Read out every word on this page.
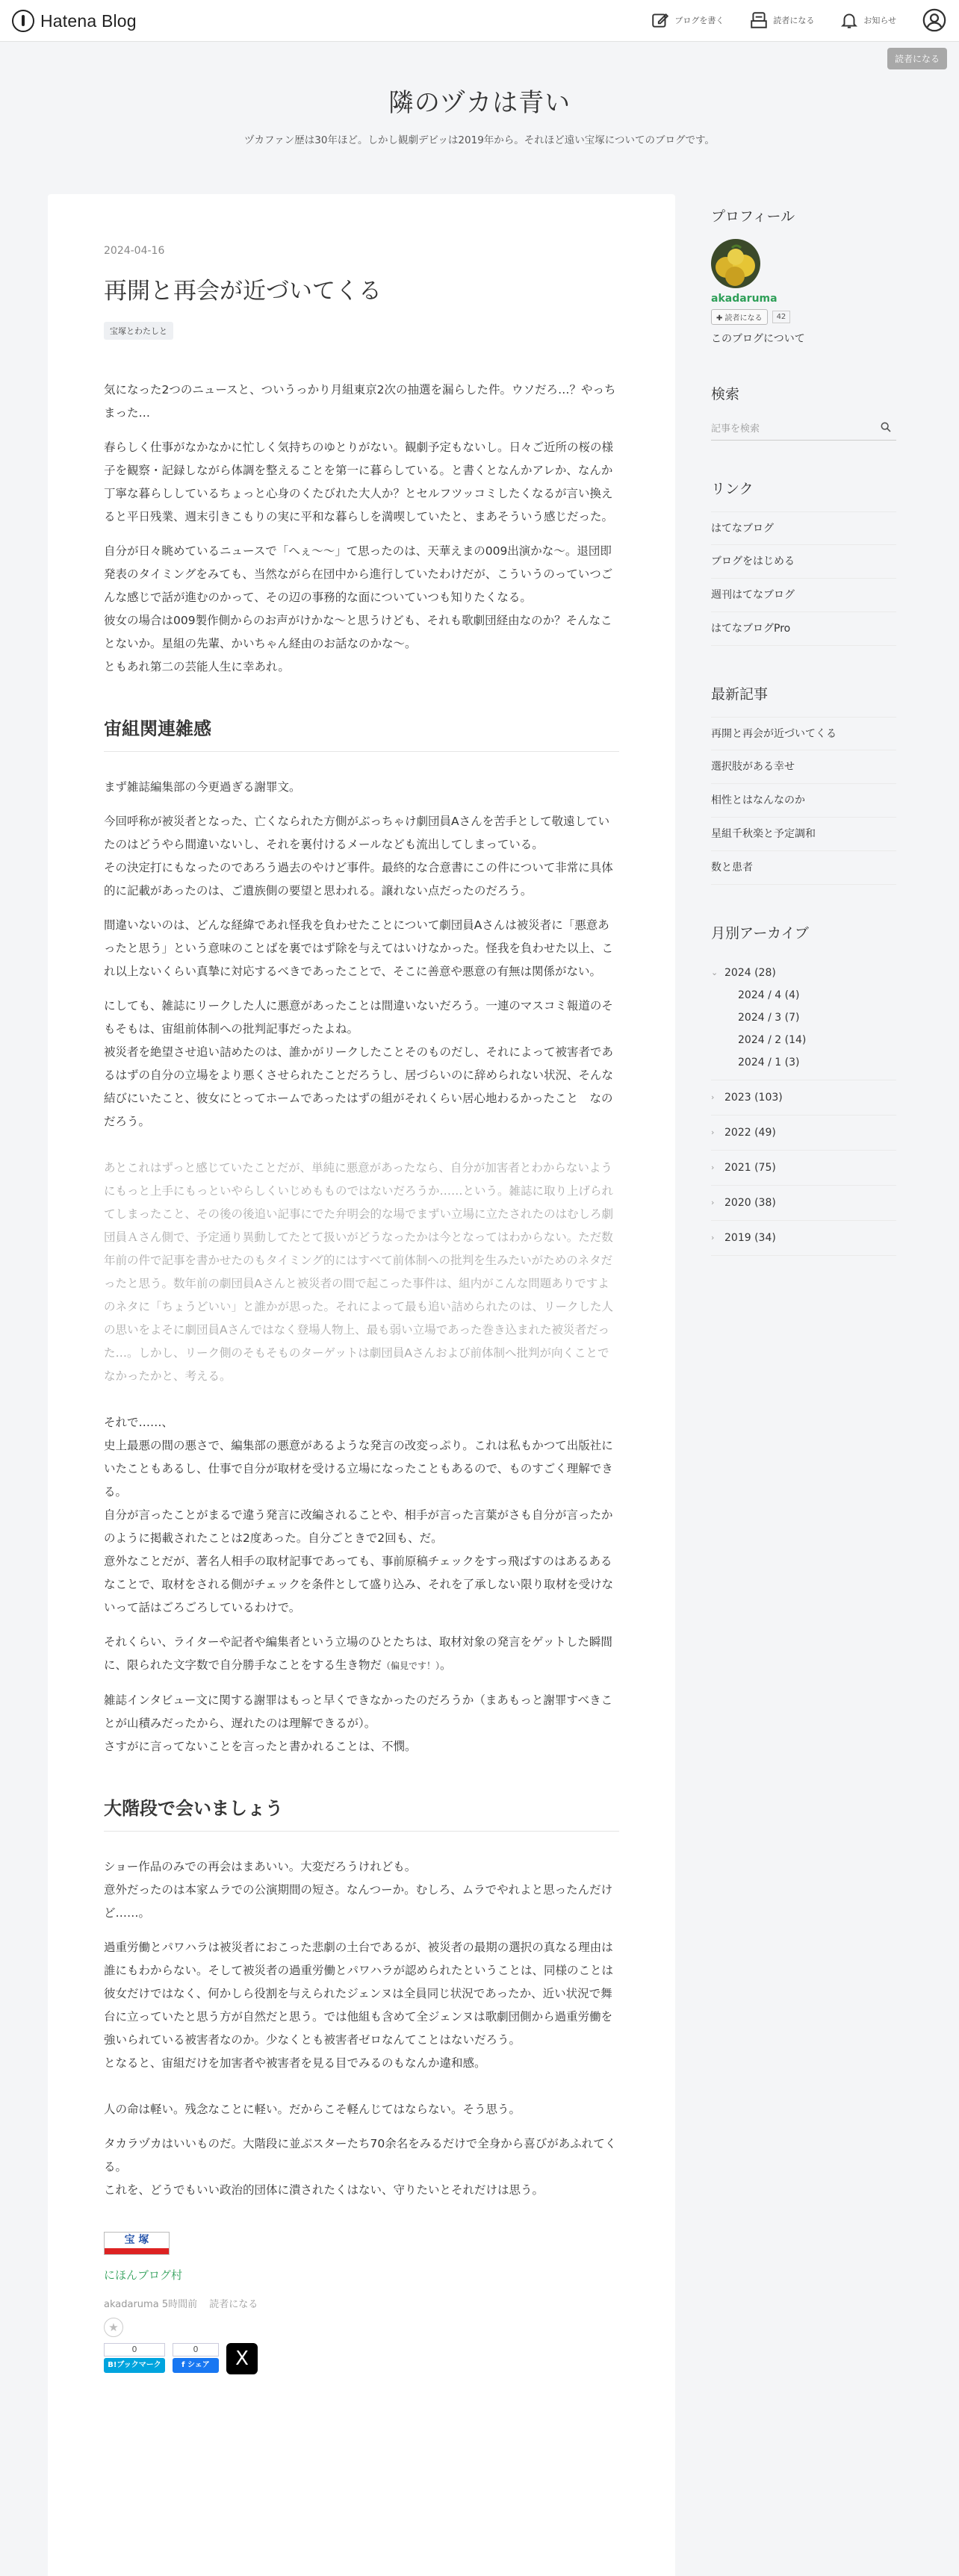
Hatena Blog	ブログを書く	読者になる	お知らせ
読者になる
隣のヅカは青い
ヅカファン歴は30年ほど。しかし観劇デビッは2019年から。それほど遠い宝塚についてのブログです。
2024-04-16
再開と再会が近づいてくる
宝塚とわたしと

気になった2つのニュースと、ついうっかり月組東京2次の抽選を漏らした件。ウソだろ…？やっちまった…

春らしく仕事がなかなかに忙しく気持ちのゆとりがない。観劇予定もないし。日々ご近所の桜の様子を観察・記録しながら体調を整えることを第一に暮らしている。と書くとなんかアレか、なんか丁寧な暮らししているちょっと心身のくたびれた大人か？とセルフツッコミしたくなるが言い換えると平日残業、週末引きこもりの実に平和な暮らしを満喫していたと、まあそういう感じだった。

自分が日々眺めているニュースで「へぇ〜〜」て思ったのは、天華えまの009出演かな〜。退団即発表のタイミングをみても、当然ながら在団中から進行していたわけだが、こういうのっていつごんな感じで話が進むのかって、その辺の事務的な面についていつも知りたくなる。
彼女の場合は009製作側からのお声がけかな〜と思うけども、それも歌劇団経由なのか？そんなことないか。星組の先輩、かいちゃん経由のお話なのかな〜。
ともあれ第二の芸能人生に幸あれ。

宙組関連雑感

まず雑誌編集部の今更過ぎる謝罪文。

今回呼称が被災者となった、亡くなられた方側がぶっちゃけ劇団員Aさんを苦手として敬遠していたのはどうやら間違いないし、それを裏付けるメールなども流出してしまっている。
その決定打にもなったのであろう過去のやけど事件。最終的な合意書にこの件について非常に具体的に記載があったのは、ご遺族側の要望と思われる。譲れない点だったのだろう。

間違いないのは、どんな経緯であれ怪我を負わせたことについて劇団員Aさんは被災者に「悪意あったと思う」という意味のことばを裏ではず除を与えてはいけなかった。怪我を負わせた以上、これ以上ないくらい真摯に対応するべきであったことで、そこに善意や悪意の有無は関係がない。

にしても、雑誌にリークした人に悪意があったことは間違いないだろう。一連のマスコミ報道のそもそもは、宙組前体制への批判記事だったよね。
被災者を絶望させ追い詰めたのは、誰かがリークしたことそのものだし、それによって被害者であるはずの自分の立場をより悪くさせられたことだろうし、居づらいのに辞められない状況、そんな結びにいたこと、彼女にとってホームであったはずの組がそれくらい居心地わるかったこと　なのだろう。

あとこれはずっと感じていたことだが、単純に悪意があったなら、自分が加害者とわからないようにもっと上手にもっといやらしくいじめもものではないだろうか……という。雑誌に取り上げられてしまったこと、その後の後追い記事にでた弁明会的な場でまずい立場に立たされたのはむしろ劇団員Ａさん側で、予定通り異動してたとて扱いがどうなったかは今となってはわからない。ただ数年前の件で記事を書かせたのもタイミング的にはすべて前体制への批判を生みたいがためのネタだったと思う。数年前の劇団員Aさんと被災者の間で起こった事件は、組内がこんな問題ありですよのネタに「ちょうどいい」と誰かが思った。それによって最も追い詰められたのは、リークした人の思いをよそに劇団員Aさんではなく登場人物上、最も弱い立場であった巻き込まれた被災者だった…。しかし、リーク側のそもそものターゲットは劇団員Aさんおよび前体制へ批判が向くことでなかったかと、考える。

それで……、
史上最悪の間の悪さで、編集部の悪意があるような発言の改変っぷり。これは私もかつて出版社にいたこともあるし、仕事で自分が取材を受ける立場になったこともあるので、ものすごく理解できる。
自分が言ったことがまるで違う発言に改編されることや、相手が言った言葉がさも自分が言ったかのように掲載されたことは2度あった。自分ごときで2回も、だ。
意外なことだが、著名人相手の取材記事であっても、事前原稿チェックをすっ飛ばすのはあるあるなことで、取材をされる側がチェックを条件として盛り込み、それを了承しない限り取材を受けないって話はごろごろしているわけで。

それくらい、ライターや記者や編集者という立場のひとたちは、取材対象の発言をゲットした瞬間に、限られた文字数で自分勝手なことをする生き物だ（偏見です！）。

雑誌インタビュー文に関する謝罪はもっと早くできなかったのだろうか（まあもっと謝罪すべきことが山積みだったから、遅れたのは理解できるが）。
さすがに言ってないことを言ったと書かれることは、不憫。

大階段で会いましょう

ショー作品のみでの再会はまあいい。大変だろうけれども。
意外だったのは本家ムラでの公演期間の短さ。なんつーか。むしろ、ムラでやれよと思ったんだけど……。

過重労働とパワハラは被災者におこった悲劇の土台であるが、被災者の最期の選択の真なる理由は誰にもわからない。そして被災者の過重労働とパワハラが認められたということは、同様のことは彼女だけではなく、何かしら役割を与えられたジェンヌは全員同じ状況であったか、近い状況で舞台に立っていたと思う方が自然だと思う。では他組も含めて全ジェンヌは歌劇団側から過重労働を強いられている被害者なのか。少なくとも被害者ゼロなんてことはないだろう。
となると、宙組だけを加害者や被害者を見る目でみるのもなんか違和感。

人の命は軽い。残念なことに軽い。だからこそ軽んじてはならない。そう思う。

タカラヅカはいいものだ。大階段に並ぶスターたち70余名をみるだけで全身から喜びがあふれてくる。
これを、どうでもいい政治的団体に潰されたくはない、守りたいとそれだけは思う。

宝 塚
にほんブログ村
akadaruma 5時間前 読者になる
★
0
B!ブックマーク
0
f シェア	X
プロフィール
akadaruma
✚ 読者になる	42
このブログについて
検索
記事を検索
リンク
はてなブログ
ブログをはじめる
週刊はてなブログ
はてなブログPro
最新記事
再開と再会が近づいてくる
選択肢がある幸せ
相性とはなんなのか
星組千秋楽と予定調和
数と患者
月別アーカイブ
⌄ 2024 (28)
2024 / 4 (4)
2024 / 3 (7)
2024 / 2 (14)
2024 / 1 (3)
› 2023 (103)
› 2022 (49)
› 2021 (75)
› 2020 (38)
› 2019 (34)
